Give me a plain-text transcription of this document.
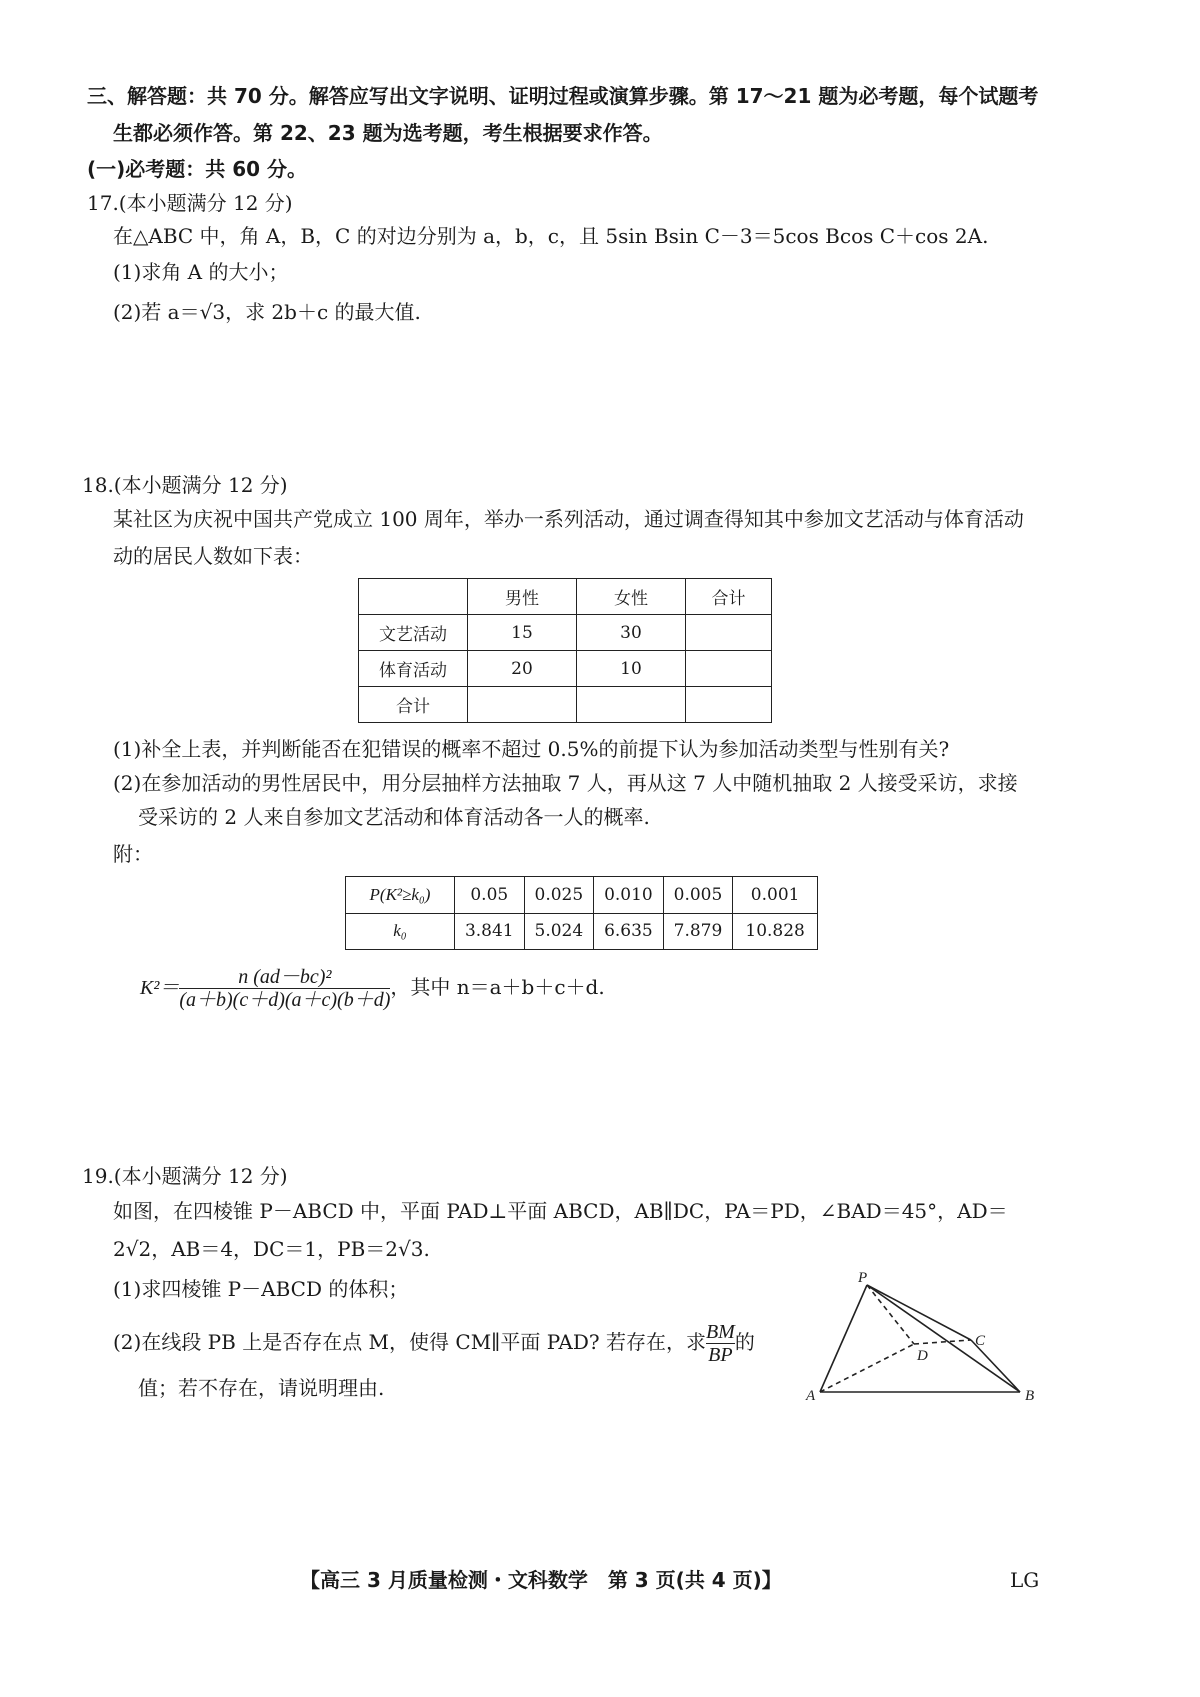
三、解答题：共 70 分。解答应写出文字说明、证明过程或演算步骤。第 17～21 题为必考题，每个试题考
生都必须作答。第 22、23 题为选考题，考生根据要求作答。
(一)必考题：共 60 分。
17.(本小题满分 12 分)
在△ABC 中，角 A，B，C 的对边分别为 a，b，c，且 5sin Bsin C－3＝5cos Bcos C＋cos 2A.
(1)求角 A 的大小；
(2)若 a＝√3，求 2b＋c 的最大值.
18.(本小题满分 12 分)
某社区为庆祝中国共产党成立 100 周年，举办一系列活动，通过调查得知其中参加文艺活动与体育活动
动的居民人数如下表：
	男性	女性	合计
文艺活动	15	30	
体育活动	20	10	
合计			
(1)补全上表，并判断能否在犯错误的概率不超过 0.5%的前提下认为参加活动类型与性别有关?
(2)在参加活动的男性居民中，用分层抽样方法抽取 7 人，再从这 7 人中随机抽取 2 人接受采访，求接
受采访的 2 人来自参加文艺活动和体育活动各一人的概率.
附：
P(K²≥k₀)	0.05	0.025	0.010	0.005	0.001
k₀	3.841	5.024	6.635	7.879	10.828
$K^2= \frac{\text{n (ad－bc)²}}{(a+b)(c+d)(a+c)(b+d)}$ ，其中 n＝a＋b＋c＋d.
19.(本小题满分 12 分)
如图，在四棱锥 P－ABCD 中，平面 PAD⊥平面 ABCD，AB∥DC，PA＝PD，∠BAD＝45°，AD＝
2√2，AB＝4，DC＝1，PB＝2√3.
(1)求四棱锥 P－ABCD 的体积；
(2)在线段 PB 上是否存在点 M，使得 CM∥平面 PAD? 若存在，求 $\frac{BM}{BP}$ 的
值；若不存在，请说明理由.
P
A	B
C
D
【高三 3 月质量检测・文科数学　第 3 页(共 4 页)】	LG
